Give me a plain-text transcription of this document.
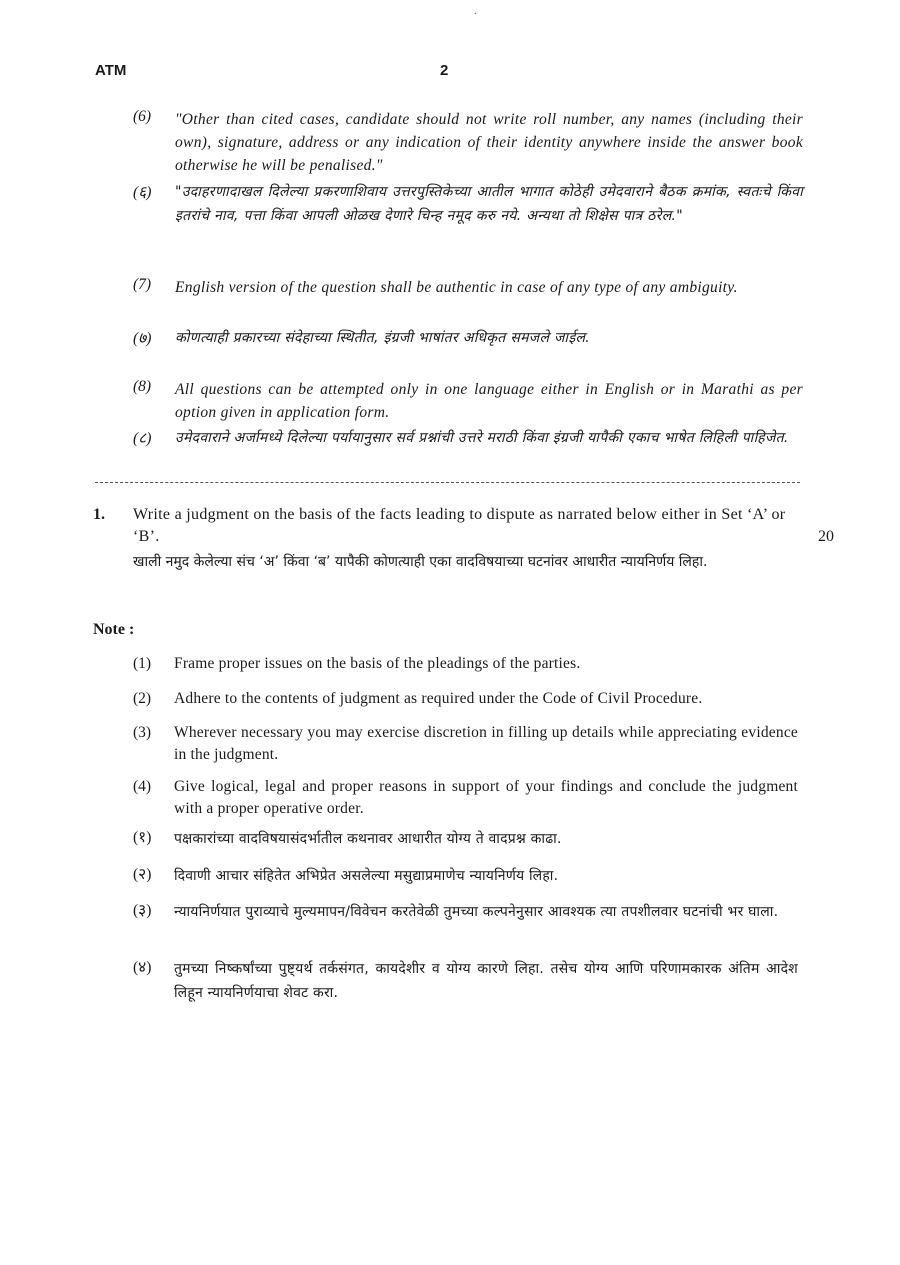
.
ATM	2
(6)	"Other than cited cases, candidate should not write roll number, any names (including their own), signature, address or any indication of their identity anywhere inside the answer book otherwise he will be penalised."
(६)	"उदाहरणादाखल दिलेल्या प्रकरणाशिवाय उत्तरपुस्तिकेच्या आतील भागात कोठेही उमेदवाराने बैठक क्रमांक, स्वतःचे किंवा इतरांचे नाव, पत्ता किंवा आपली ओळख देणारे चिन्ह नमूद करु नये. अन्यथा तो शिक्षेस पात्र ठरेल."
(7)	English version of the question shall be authentic in case of any type of any ambiguity.
(७)	कोणत्याही प्रकारच्या संदेहाच्या स्थितीत, इंग्रजी भाषांतर अधिकृत समजले जाईल.
(8)	All questions can be attempted only in one language either in English or in Marathi as per option given in application form.
(८)	उमेदवाराने अर्जामध्ये दिलेल्या पर्यायानुसार सर्व प्रश्नांची उत्तरे मराठी किंवा इंग्रजी यापैकी एकाच भाषेत लिहिली पाहिजेत.
1. Write a judgment on the basis of the facts leading to dispute as narrated below either in Set ‘A’ or ‘B’.	20
खाली नमुद केलेल्या संच ‘अ’ किंवा ‘ब’ यापैकी कोणत्याही एका वादविषयाच्या घटनांवर आधारीत न्यायनिर्णय लिहा.
Note :
(1)	Frame proper issues on the basis of the pleadings of the parties.
(2)	Adhere to the contents of judgment as required under the Code of Civil Procedure.
(3)	Wherever necessary you may exercise discretion in filling up details while appreciating evidence in the judgment.
(4)	Give logical, legal and proper reasons in support of your findings and conclude the judgment with a proper operative order.
(१)	पक्षकारांच्या वादविषयासंदर्भातील कथनावर आधारीत योग्य ते वादप्रश्न काढा.
(२)	दिवाणी आचार संहितेत अभिप्रेत असलेल्या मसुद्याप्रमाणेच न्यायनिर्णय लिहा.
(३)	न्यायनिर्णयात पुराव्याचे मुल्यमापन/विवेचन करतेवेळी तुमच्या कल्पनेनुसार आवश्यक त्या तपशीलवार घटनांची भर घाला.
(४)	तुमच्या निष्कर्षांच्या पुष्ट्यर्थ तर्कसंगत, कायदेशीर व योग्य कारणे लिहा. तसेच योग्य आणि परिणामकारक अंतिम आदेश लिहून न्यायनिर्णयाचा शेवट करा.
